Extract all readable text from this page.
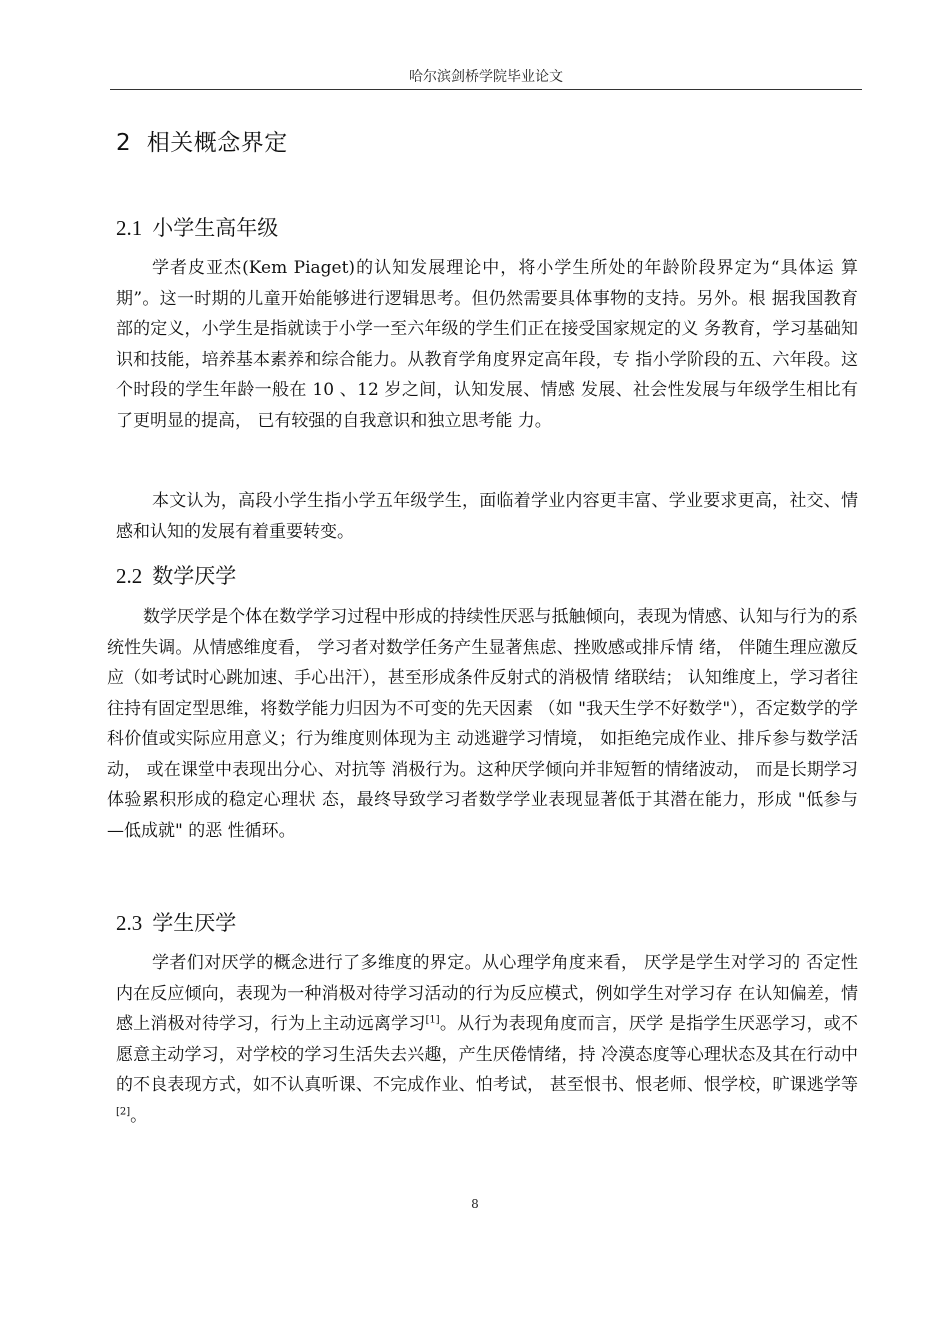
哈尔滨剑桥学院毕业论文
2 相关概念界定
2.1 小学生高年级

学者皮亚杰(Kem Piaget)的认知发展理论中，将小学生所处的年龄阶段界定为“具体运 算期”。这一时期的儿童开始能够进行逻辑思考。但仍然需要具体事物的支持。另外。根 据我国教育部的定义，小学生是指就读于小学一至六年级的学生们正在接受国家规定的义 务教育，学习基础知识和技能，培养基本素养和综合能力。从教育学角度界定高年段，专 指小学阶段的五、六年段。这个时段的学生年龄一般在 10 、12 岁之间，认知发展、情感 发展、社会性发展与年级学生相比有了更明显的提高， 已有较强的自我意识和独立思考能 力。

本文认为，高段小学生指小学五年级学生，面临着学业内容更丰富、学业要求更高，社交、情感和认知的发展有着重要转变。

2.2 数学厌学

数学厌学是个体在数学学习过程中形成的持续性厌恶与抵触倾向，表现为情感、认知与行为的系统性失调。从情感维度看， 学习者对数学任务产生显著焦虑、挫败感或排斥情 绪， 伴随生理应激反应（如考试时心跳加速、手心出汗），甚至形成条件反射式的消极情 绪联结； 认知维度上，学习者往往持有固定型思维，将数学能力归因为不可变的先天因素 （如 "我天生学不好数学"），否定数学的学科价值或实际应用意义；行为维度则体现为主 动逃避学习情境， 如拒绝完成作业、排斥参与数学活动， 或在课堂中表现出分心、对抗等 消极行为。这种厌学倾向并非短暂的情绪波动， 而是长期学习体验累积形成的稳定心理状 态，最终导致学习者数学学业表现显著低于其潜在能力，形成 "低参与 —低成就" 的恶 性循环。

2.3 学生厌学

学者们对厌学的概念进行了多维度的界定。从心理学角度来看， 厌学是学生对学习的 否定性内在反应倾向，表现为一种消极对待学习活动的行为反应模式，例如学生对学习存 在认知偏差，情感上消极对待学习，行为上主动远离学习[1]。从行为表现角度而言，厌学 是指学生厌恶学习，或不愿意主动学习，对学校的学习生活失去兴趣，产生厌倦情绪，持 冷漠态度等心理状态及其在行动中的不良表现方式，如不认真听课、不完成作业、怕考试， 甚至恨书、恨老师、恨学校，旷课逃学等[2]。

8
